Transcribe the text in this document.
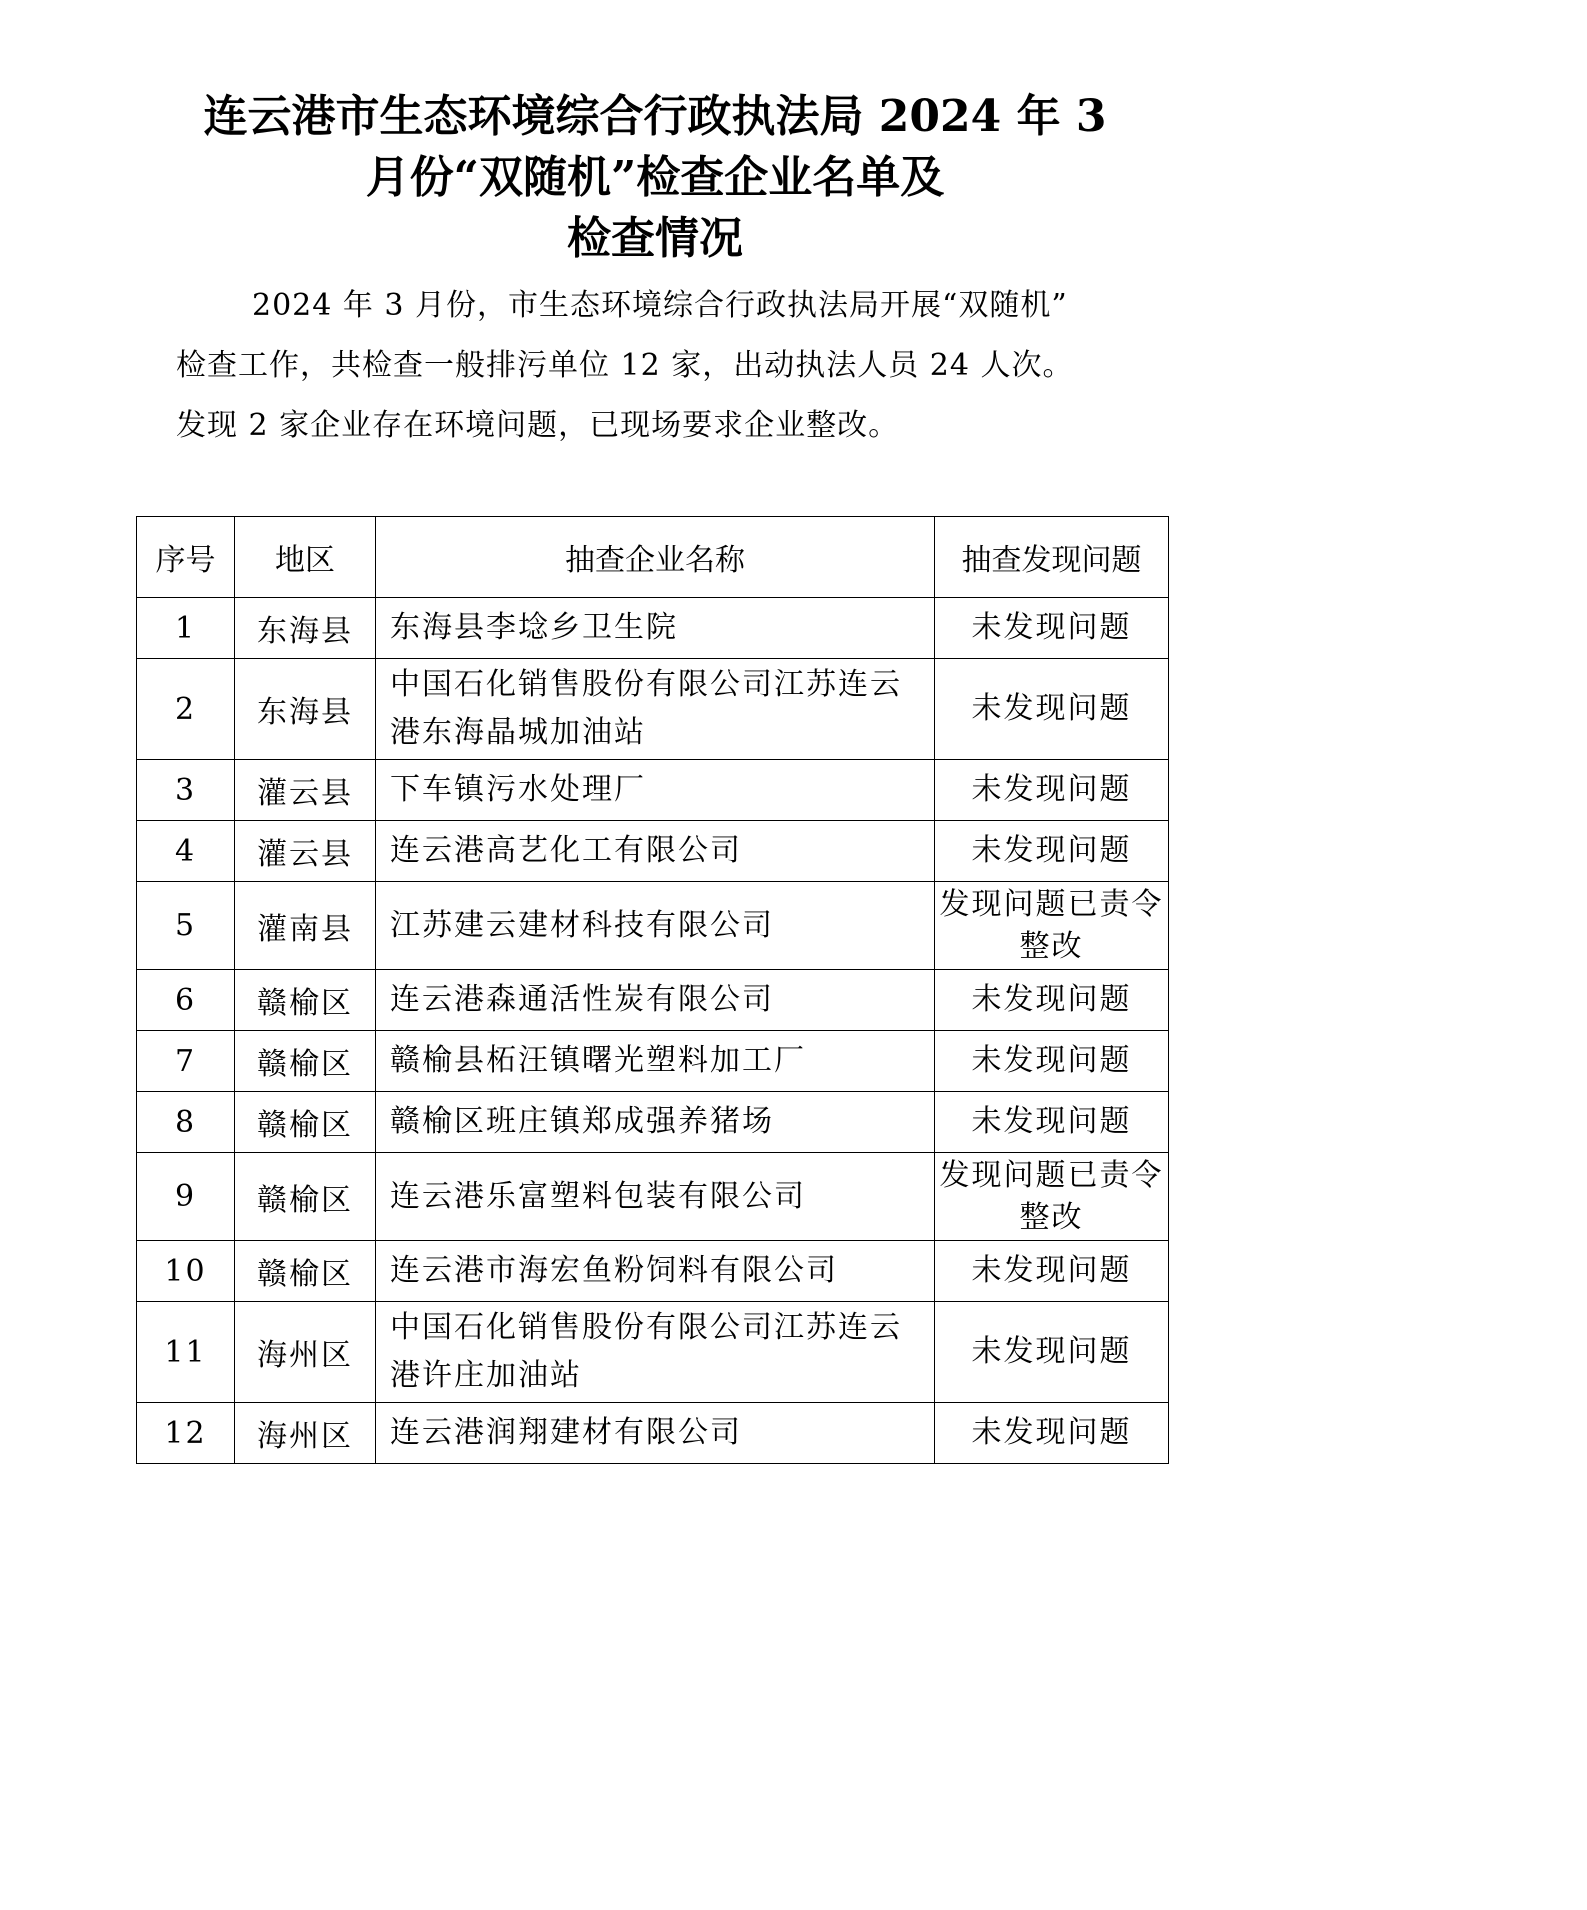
连云港市生态环境综合行政执法局 2024 年 3
月份“双随机”检查企业名单及
检查情况

2024 年 3 月份，市生态环境综合行政执法局开展“双随机”

检查工作，共检查一般排污单位 12 家，出动执法人员 24 人次。

发现 2 家企业存在环境问题，已现场要求企业整改。

序号	地区	抽查企业名称	抽查发现问题
1	东海县	东海县李埝乡卫生院	未发现问题
2	东海县	中国石化销售股份有限公司江苏连云港东海晶城加油站	未发现问题
3	灌云县	下车镇污水处理厂	未发现问题
4	灌云县	连云港高艺化工有限公司	未发现问题
5	灌南县	江苏建云建材科技有限公司	发现问题已责令整改
6	赣榆区	连云港森通活性炭有限公司	未发现问题
7	赣榆区	赣榆县柘汪镇曙光塑料加工厂	未发现问题
8	赣榆区	赣榆区班庄镇郑成强养猪场	未发现问题
9	赣榆区	连云港乐富塑料包装有限公司	发现问题已责令整改
10	赣榆区	连云港市海宏鱼粉饲料有限公司	未发现问题
11	海州区	中国石化销售股份有限公司江苏连云港许庄加油站	未发现问题
12	海州区	连云港润翔建材有限公司	未发现问题
